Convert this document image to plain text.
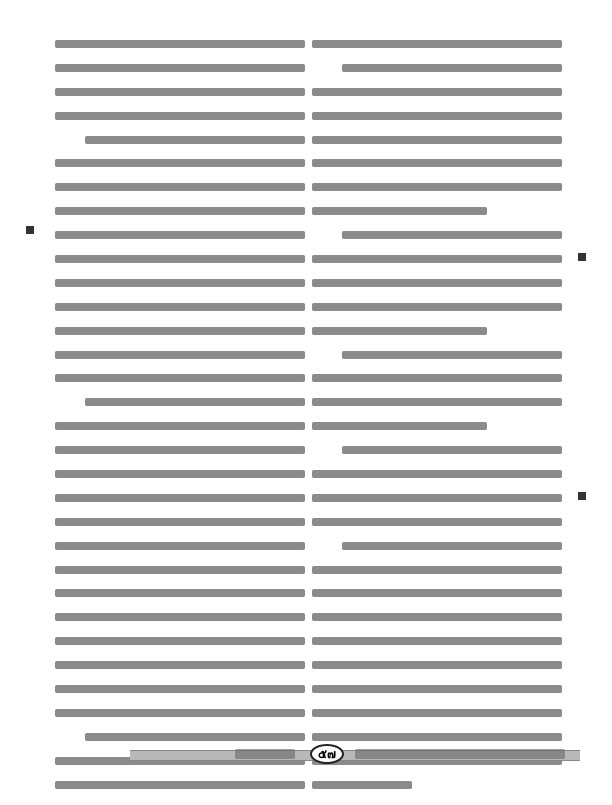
๕๗
